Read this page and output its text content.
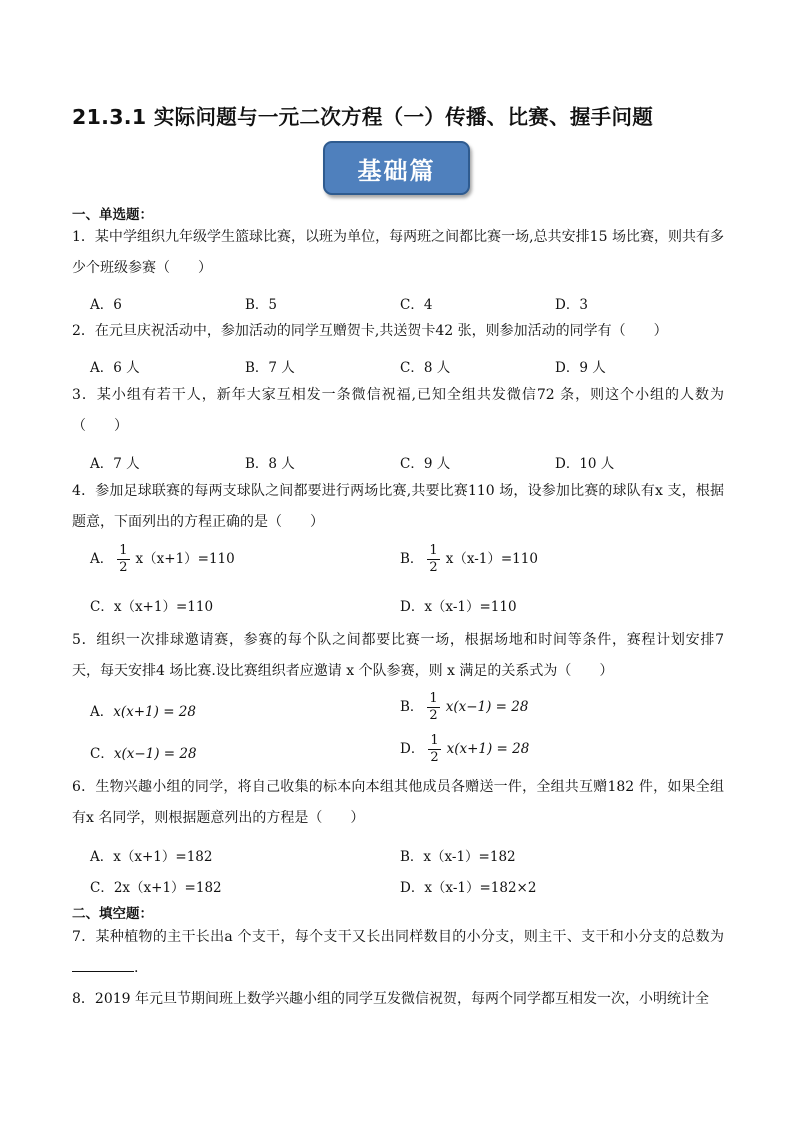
21.3.1 实际问题与一元二次方程（一）传播、比赛、握手问题
基础篇
一、单选题：
1．某中学组织九年级学生篮球比赛，以班为单位，每两班之间都比赛一场,总共安排15 场比赛，则共有多少个班级参赛（　　）
A．6	B．5	C．4	D．3
2．在元旦庆祝活动中，参加活动的同学互赠贺卡,共送贺卡42 张，则参加活动的同学有（　　）
A．6 人	B．7 人	C．8 人	D．9 人
3．某小组有若干人，新年大家互相发一条微信祝福,已知全组共发微信72 条，则这个小组的人数为（　　）
A．7 人	B．8 人	C．9 人	D．10 人
4．参加足球联赛的每两支球队之间都要进行两场比赛,共要比赛110 场，设参加比赛的球队有x 支，根据题意，下面列出的方程正确的是（　　）
A． $\frac{1}{2} x(x+1)=110$	B． $\frac{1}{2} x(x-1)=110$
C．x（x+1）=110	D．x（x-1）=110
5．组织一次排球邀请赛，参赛的每个队之间都要比赛一场，根据场地和时间等条件，赛程计划安排7 天，每天安排4 场比赛.设比赛组织者应邀请 x 个队参赛，则 x 满足的关系式为（　　）
A．x(x+1) = 28	B． $\frac{1}{2} x(x-1) = 28$
C．x(x−1) = 28	D． $\frac{1}{2} x(x+1) = 28$
6．生物兴趣小组的同学，将自己收集的标本向本组其他成员各赠送一件，全组共互赠182 件，如果全组有x 名同学，则根据题意列出的方程是（　　）
A．x（x+1）=182	B．x（x-1）=182
C．2x（x+1）=182	D．x（x-1）=182×2
二、填空题：
7．某种植物的主干长出a 个支干，每个支干又长出同样数目的小分支，则主干、支干和小分支的总数为.
8．2019 年元旦节期间班上数学兴趣小组的同学互发微信祝贺，每两个同学都互相发一次，小明统计全
